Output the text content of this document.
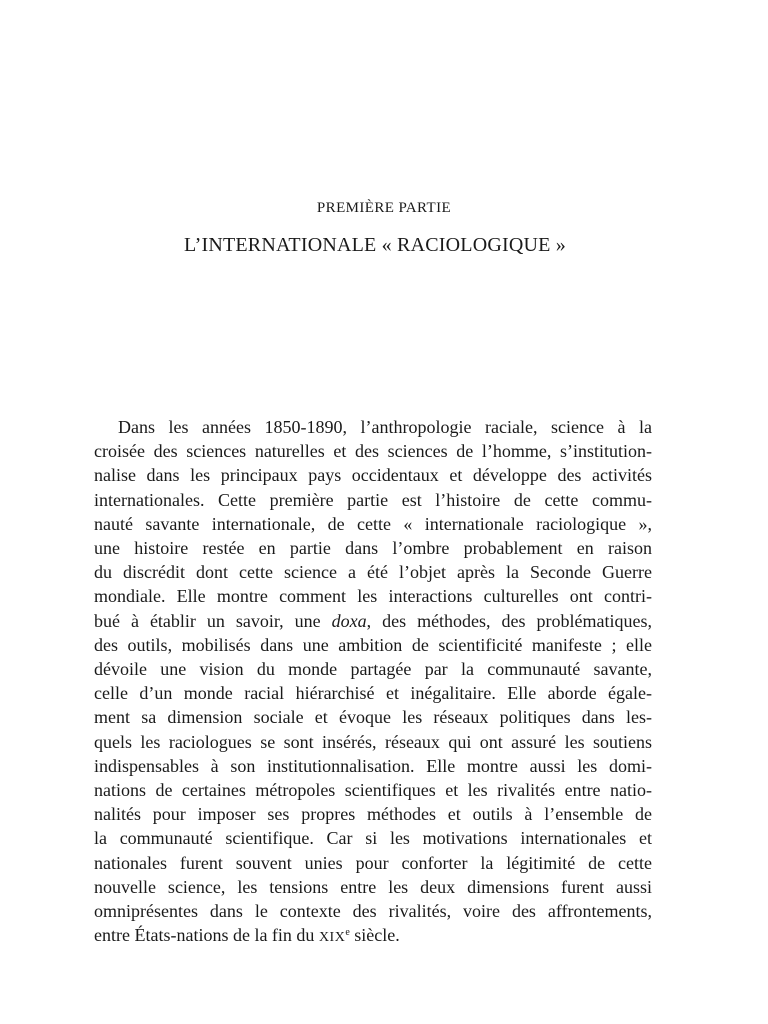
PREMIÈRE PARTIE
L’INTERNATIONALE « RACIOLOGIQUE »
Dans les années 1850-1890, l’anthropologie raciale, science à la
croisée des sciences naturelles et des sciences de l’homme, s’institution-
nalise dans les principaux pays occidentaux et développe des activités
internationales. Cette première partie est l’histoire de cette commu-
nauté savante internationale, de cette « internationale raciologique »,
une histoire restée en partie dans l’ombre probablement en raison
du discrédit dont cette science a été l’objet après la Seconde Guerre
mondiale. Elle montre comment les interactions culturelles ont contri-
bué à établir un savoir, une doxa, des méthodes, des problématiques,
des outils, mobilisés dans une ambition de scientificité manifeste ; elle
dévoile une vision du monde partagée par la communauté savante,
celle d’un monde racial hiérarchisé et inégalitaire. Elle aborde égale-
ment sa dimension sociale et évoque les réseaux politiques dans les-
quels les raciologues se sont insérés, réseaux qui ont assuré les soutiens
indispensables à son institutionnalisation. Elle montre aussi les domi-
nations de certaines métropoles scientifiques et les rivalités entre natio-
nalités pour imposer ses propres méthodes et outils à l’ensemble de
la communauté scientifique. Car si les motivations internationales et
nationales furent souvent unies pour conforter la légitimité de cette
nouvelle science, les tensions entre les deux dimensions furent aussi
omniprésentes dans le contexte des rivalités, voire des affrontements,
entre États-nations de la fin du XIXe siècle.
